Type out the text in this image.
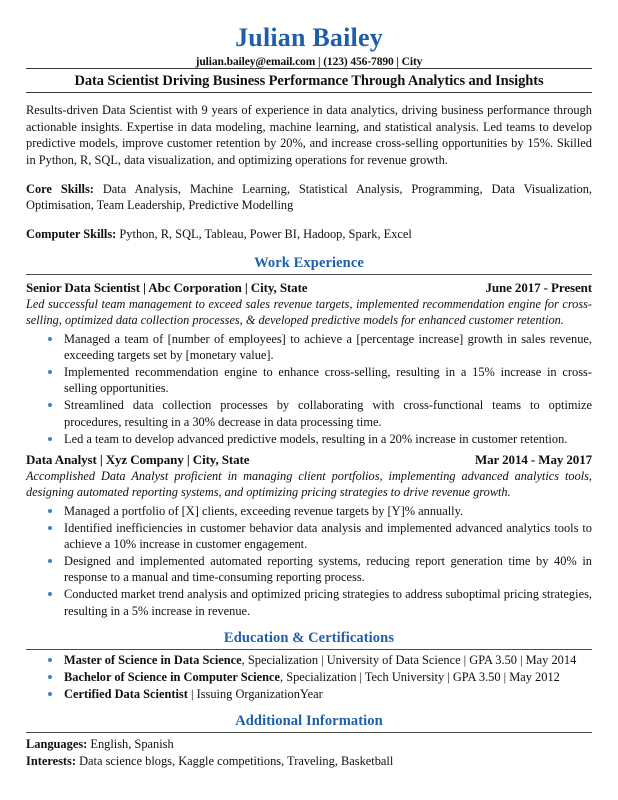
Julian Bailey
julian.bailey@email.com | (123) 456-7890 | City
Data Scientist Driving Business Performance Through Analytics and Insights

Results-driven Data Scientist with 9 years of experience in data analytics, driving business performance through actionable insights. Expertise in data modeling, machine learning, and statistical analysis. Led teams to develop predictive models, improve customer retention by 20%, and increase cross-selling opportunities by 15%. Skilled in Python, R, SQL, data visualization, and optimizing operations for revenue growth.

Core Skills: Data Analysis, Machine Learning, Statistical Analysis, Programming, Data Visualization, Optimisation, Team Leadership, Predictive Modelling

Computer Skills: Python, R, SQL, Tableau, Power BI, Hadoop, Spark, Excel

Work Experience
Senior Data Scientist | Abc Corporation | City, State	June 2017 - Present
Led successful team management to exceed sales revenue targets, implemented recommendation engine for cross-selling, optimized data collection processes, & developed predictive models for enhanced customer retention.
Managed a team of [number of employees] to achieve a [percentage increase] growth in sales revenue, exceeding targets set by [monetary value].
Implemented recommendation engine to enhance cross-selling, resulting in a 15% increase in cross-selling opportunities.
Streamlined data collection processes by collaborating with cross-functional teams to optimize procedures, resulting in a 30% decrease in data processing time.
Led a team to develop advanced predictive models, resulting in a 20% increase in customer retention.
Data Analyst | Xyz Company | City, State	Mar 2014 - May 2017
Accomplished Data Analyst proficient in managing client portfolios, implementing advanced analytics tools, designing automated reporting systems, and optimizing pricing strategies to drive revenue growth.
Managed a portfolio of [X] clients, exceeding revenue targets by [Y]% annually.
Identified inefficiencies in customer behavior data analysis and implemented advanced analytics tools to achieve a 10% increase in customer engagement.
Designed and implemented automated reporting systems, reducing report generation time by 40% in response to a manual and time-consuming reporting process.
Conducted market trend analysis and optimized pricing strategies to address suboptimal pricing strategies, resulting in a 5% increase in revenue.
Education & Certifications
Master of Science in Data Science, Specialization | University of Data Science | GPA 3.50 | May 2014
Bachelor of Science in Computer Science, Specialization | Tech University | GPA 3.50 | May 2012
Certified Data Scientist | Issuing OrganizationYear
Additional Information
Languages: English, Spanish
Interests: Data science blogs, Kaggle competitions, Traveling, Basketball
